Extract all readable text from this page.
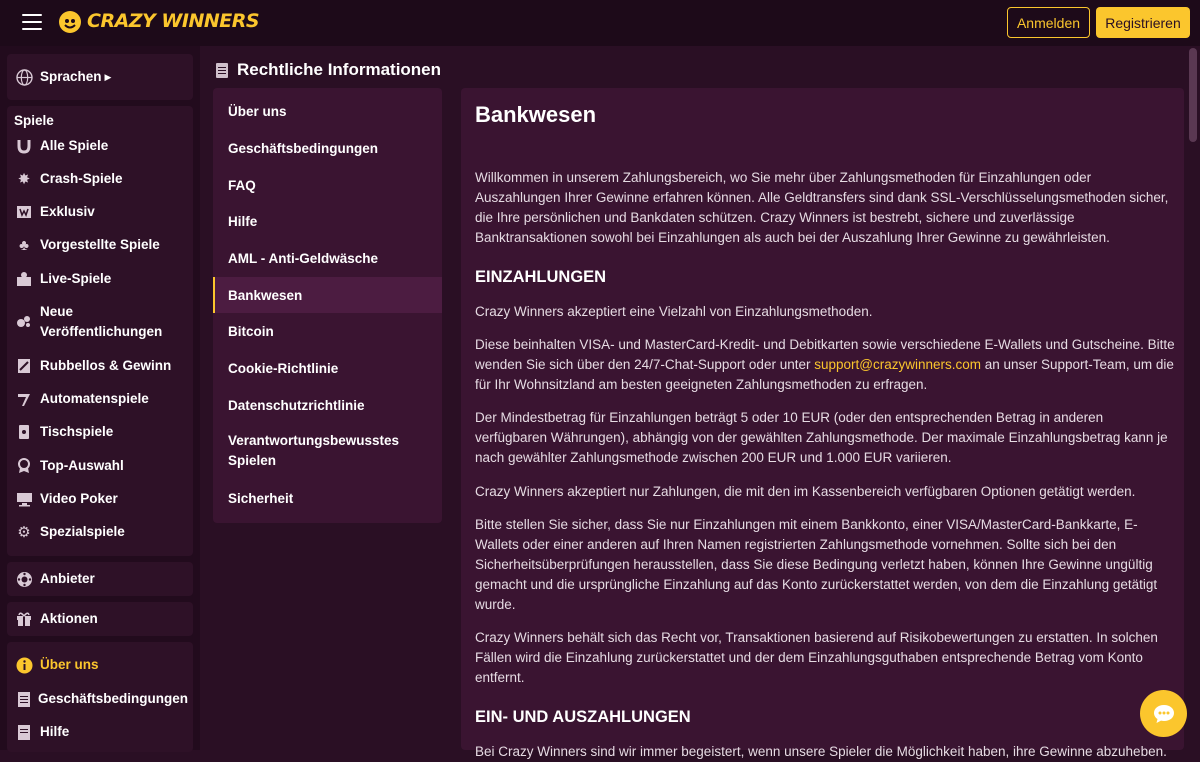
CRAZY WINNERS	Anmelden	Registrieren
Sprachen ▶
Spiele
Alle Spiele
✸ Crash-Spiele
Exklusiv
♣ Vorgestellte Spiele
Live-Spiele
Neue Veröffentlichungen
Rubbellos & Gewinn
Automatenspiele
Tischspiele
Top-Auswahl
Video Poker
⚙ Spezialspiele
Anbieter
Aktionen
Über uns
Geschäftsbedingungen
Hilfe
Rechtliche Informationen
Über uns
Geschäftsbedingungen
FAQ
Hilfe
AML - Anti-Geldwäsche
Bankwesen
Bitcoin
Cookie-Richtlinie
Datenschutzrichtlinie
Verantwortungsbewusstes Spielen
Sicherheit
Bankwesen

Willkommen in unserem Zahlungsbereich, wo Sie mehr über Zahlungsmethoden für Einzahlungen oder Auszahlungen Ihrer Gewinne erfahren können. Alle Geldtransfers sind dank SSL-Verschlüsselungsmethoden sicher, die Ihre persönlichen und Bankdaten schützen. Crazy Winners ist bestrebt, sichere und zuverlässige Banktransaktionen sowohl bei Einzahlungen als auch bei der Auszahlung Ihrer Gewinne zu gewährleisten.

EINZAHLUNGEN

Crazy Winners akzeptiert eine Vielzahl von Einzahlungsmethoden.

Diese beinhalten VISA- und MasterCard-Kredit- und Debitkarten sowie verschiedene E-Wallets und Gutscheine. Bitte wenden Sie sich über den 24/7-Chat-Support oder unter support@crazywinners.com an unser Support-Team, um die für Ihr Wohnsitzland am besten geeigneten Zahlungsmethoden zu erfragen.

Der Mindestbetrag für Einzahlungen beträgt 5 oder 10 EUR (oder den entsprechenden Betrag in anderen verfügbaren Währungen), abhängig von der gewählten Zahlungsmethode. Der maximale Einzahlungsbetrag kann je nach gewählter Zahlungsmethode zwischen 200 EUR und 1.000 EUR variieren.

Crazy Winners akzeptiert nur Zahlungen, die mit den im Kassenbereich verfügbaren Optionen getätigt werden.

Bitte stellen Sie sicher, dass Sie nur Einzahlungen mit einem Bankkonto, einer VISA/MasterCard-Bankkarte, E-Wallets oder einer anderen auf Ihren Namen registrierten Zahlungsmethode vornehmen. Sollte sich bei den Sicherheitsüberprüfungen herausstellen, dass Sie diese Bedingung verletzt haben, können Ihre Gewinne ungültig gemacht und die ursprüngliche Einzahlung auf das Konto zurückerstattet werden, von dem die Einzahlung getätigt wurde.

Crazy Winners behält sich das Recht vor, Transaktionen basierend auf Risikobewertungen zu erstatten. In solchen Fällen wird die Einzahlung zurückerstattet und der dem Einzahlungsguthaben entsprechende Betrag vom Konto entfernt.

EIN- UND AUSZAHLUNGEN

Bei Crazy Winners sind wir immer begeistert, wenn unsere Spieler die Möglichkeit haben, ihre Gewinne abzuheben.
